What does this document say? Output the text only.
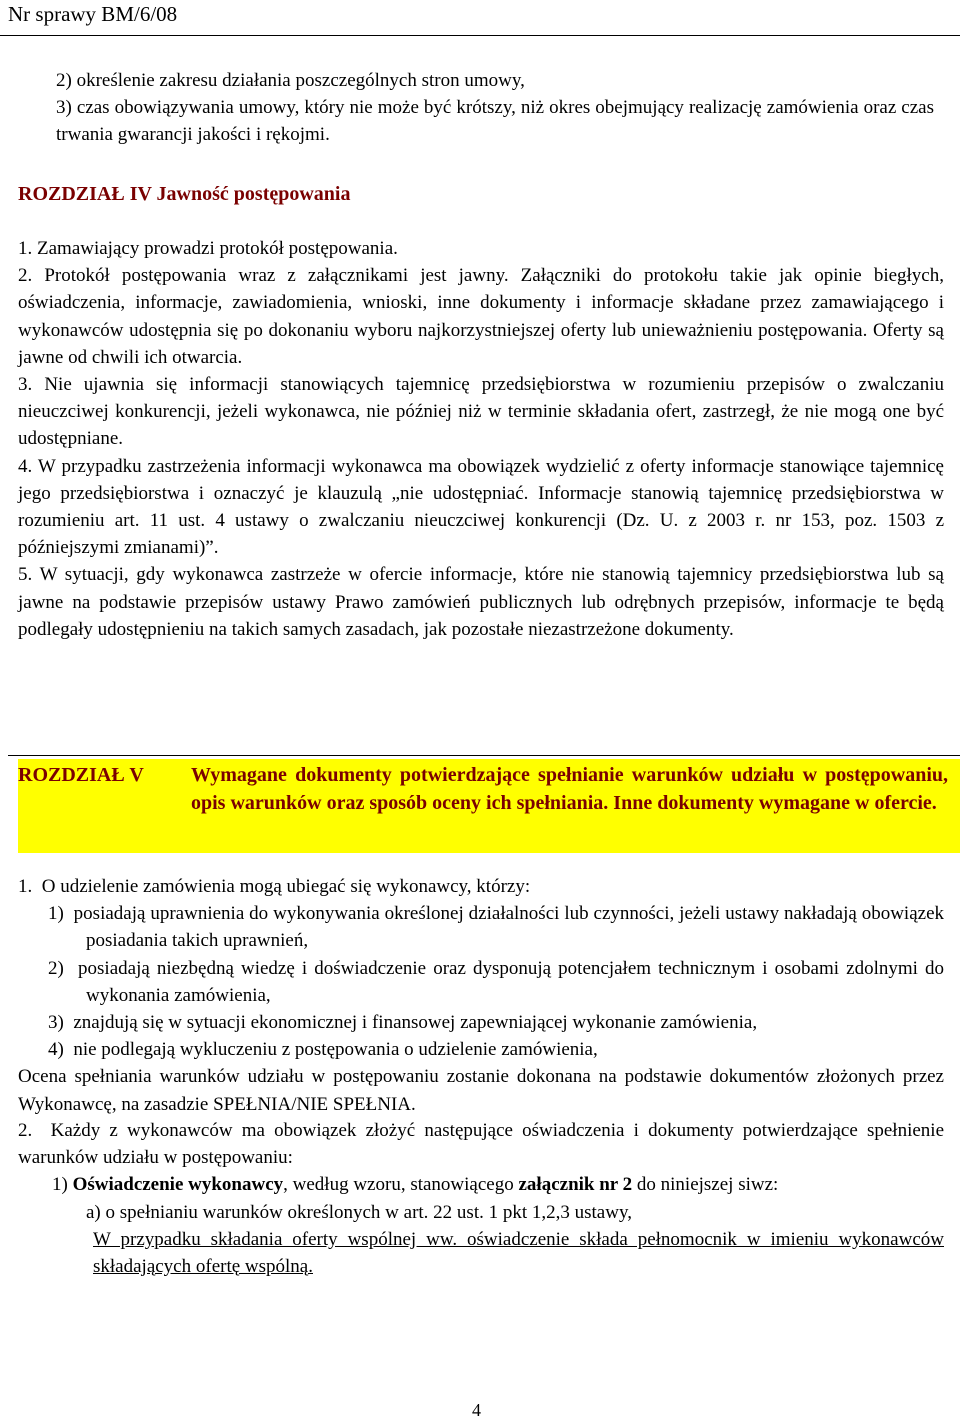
Nr sprawy BM/6/08
2) określenie zakresu działania poszczególnych stron umowy,
3) czas obowiązywania umowy, który nie może być krótszy, niż okres obejmujący realizację zamówienia oraz czas trwania gwarancji jakości i rękojmi.
ROZDZIAŁ IV Jawność postępowania
1. Zamawiający prowadzi protokół postępowania.
2. Protokół postępowania wraz z załącznikami jest jawny. Załączniki do protokołu takie jak opinie biegłych, oświadczenia, informacje, zawiadomienia, wnioski, inne dokumenty i informacje składane przez zamawiającego i wykonawców udostępnia się po dokonaniu wyboru najkorzystniejszej oferty lub unieważnieniu postępowania. Oferty są jawne od chwili ich otwarcia.
3. Nie ujawnia się informacji stanowiących tajemnicę przedsiębiorstwa w rozumieniu przepisów o zwalczaniu nieuczciwej konkurencji, jeżeli wykonawca, nie później niż w terminie składania ofert, zastrzegł, że nie mogą one być udostępniane.
4. W przypadku zastrzeżenia informacji wykonawca ma obowiązek wydzielić z oferty informacje stanowiące tajemnicę jego przedsiębiorstwa i oznaczyć je klauzulą „nie udostępniać. Informacje stanowią tajemnicę przedsiębiorstwa w rozumieniu art. 11 ust. 4 ustawy o zwalczaniu nieuczciwej konkurencji (Dz. U. z 2003 r. nr 153, poz. 1503 z późniejszymi zmianami)”.
5. W sytuacji, gdy wykonawca zastrzeże w ofercie informacje, które nie stanowią tajemnicy przedsiębiorstwa lub są jawne na podstawie przepisów ustawy Prawo zamówień publicznych lub odrębnych przepisów, informacje te będą podlegały udostępnieniu na takich samych zasadach, jak pozostałe niezastrzeżone dokumenty.
ROZDZIAŁ V Wymagane dokumenty potwierdzające spełnianie warunków udziału w postępowaniu, opis warunków oraz sposób oceny ich spełniania. Inne dokumenty wymagane w ofercie.
1. O udzielenie zamówienia mogą ubiegać się wykonawcy, którzy:
1) posiadają uprawnienia do wykonywania określonej działalności lub czynności, jeżeli ustawy nakładają obowiązek posiadania takich uprawnień,
2) posiadają niezbędną wiedzę i doświadczenie oraz dysponują potencjałem technicznym i osobami zdolnymi do wykonania zamówienia,
3) znajdują się w sytuacji ekonomicznej i finansowej zapewniającej wykonanie zamówienia,
4) nie podlegają wykluczeniu z postępowania o udzielenie zamówienia,
Ocena spełniania warunków udziału w postępowaniu zostanie dokonana na podstawie dokumentów złożonych przez Wykonawcę, na zasadzie SPEŁNIA/NIE SPEŁNIA.
2. Każdy z wykonawców ma obowiązek złożyć następujące oświadczenia i dokumenty potwierdzające spełnienie warunków udziału w postępowaniu:
1) Oświadczenie wykonawcy, według wzoru, stanowiącego załącznik nr 2 do niniejszej siwz:
a) o spełnianiu warunków określonych w art. 22 ust. 1 pkt 1,2,3 ustawy,
W przypadku składania oferty wspólnej ww. oświadczenie składa pełnomocnik w imieniu wykonawców składających ofertę wspólną.
4
